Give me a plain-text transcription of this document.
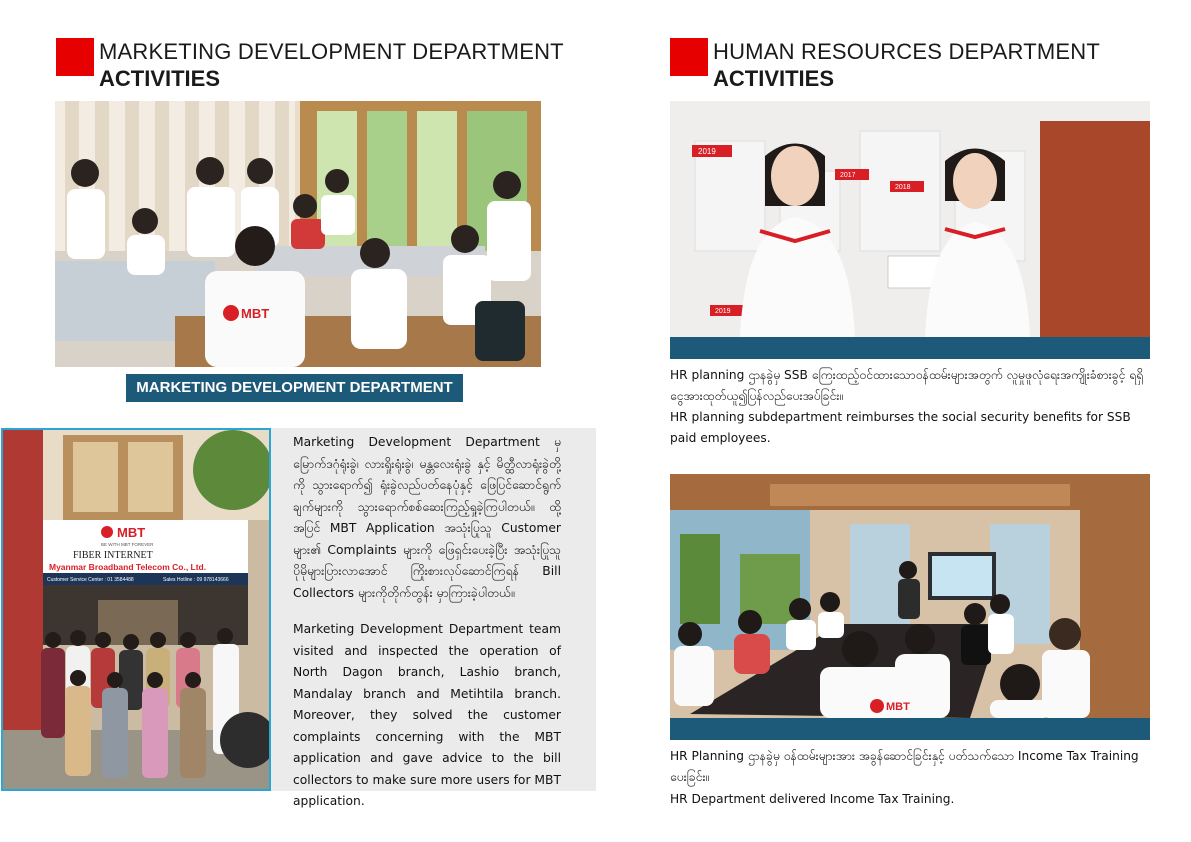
MARKETING DEVELOPMENT DEPARTMENT
ACTIVITIES
MBT
MARKETING DEVELOPMENT DEPARTMENT
MBT
BE WITH MBT FOREVER
FIBER INTERNET
Myanmar Broadband Telecom Co., Ltd.
Customer Service Center : 01 3584488	Sales Hotline : 09 978143666
Marketing Development Department မှ မြောက်ဒဂုံရုံးခွဲ၊ လားရှိုးရုံးခွဲ၊ မန္တလေးရုံးခွဲ နှင့် မိတ္ထီလာရုံးခွဲတို့ကို သွားရောက်၍ ရုံးခွဲလည်ပတ်နေပုံနှင့် ဖြေပြင်ဆောင်ရွက်ချက်များကို သွားရောက်စစ်ဆေးကြည့်ရှုခဲ့ကြပါတယ်။ ထို့အပြင် MBT Application အသုံးပြုသူ Customer များ၏ Complaints များကို ဖြေရှင်းပေးခဲ့ပြီး အသုံးပြုသူပိုမိုများပြားလာအောင် ကြိုးစားလုပ်ဆောင်ကြရန် Bill Collectors များကိုတိုက်တွန်း မှာကြားခဲ့ပါတယ်။
Marketing Development Department team visited and inspected the operation of North Dagon branch, Lashio branch, Mandalay branch and Metihtila branch. Moreover, they solved the customer complaints concerning with the MBT application and gave advice to the bill collectors to make sure more users for MBT application.
HUMAN RESOURCES DEPARTMENT
ACTIVITIES
2019
2017
2018
2019
HR planning ဌာနခွဲမှ SSB ကြေးထည့်ဝင်ထားသောဝန်ထမ်းများအတွက် လူမှုဖူလုံရေးအကျိုးခံစားခွင့် ရရှိငွေအားထုတ်ယူ၍ပြန်လည်ပေးအပ်ခြင်း။
HR planning subdepartment reimburses the social security benefits for SSB paid employees.
MBT
HR Planning ဌာနခွဲမှ ဝန်ထမ်းများအား အခွန်ဆောင်ခြင်းနှင့် ပတ်သက်သော Income Tax Training ပေးခြင်း။
HR Department delivered Income Tax Training.
